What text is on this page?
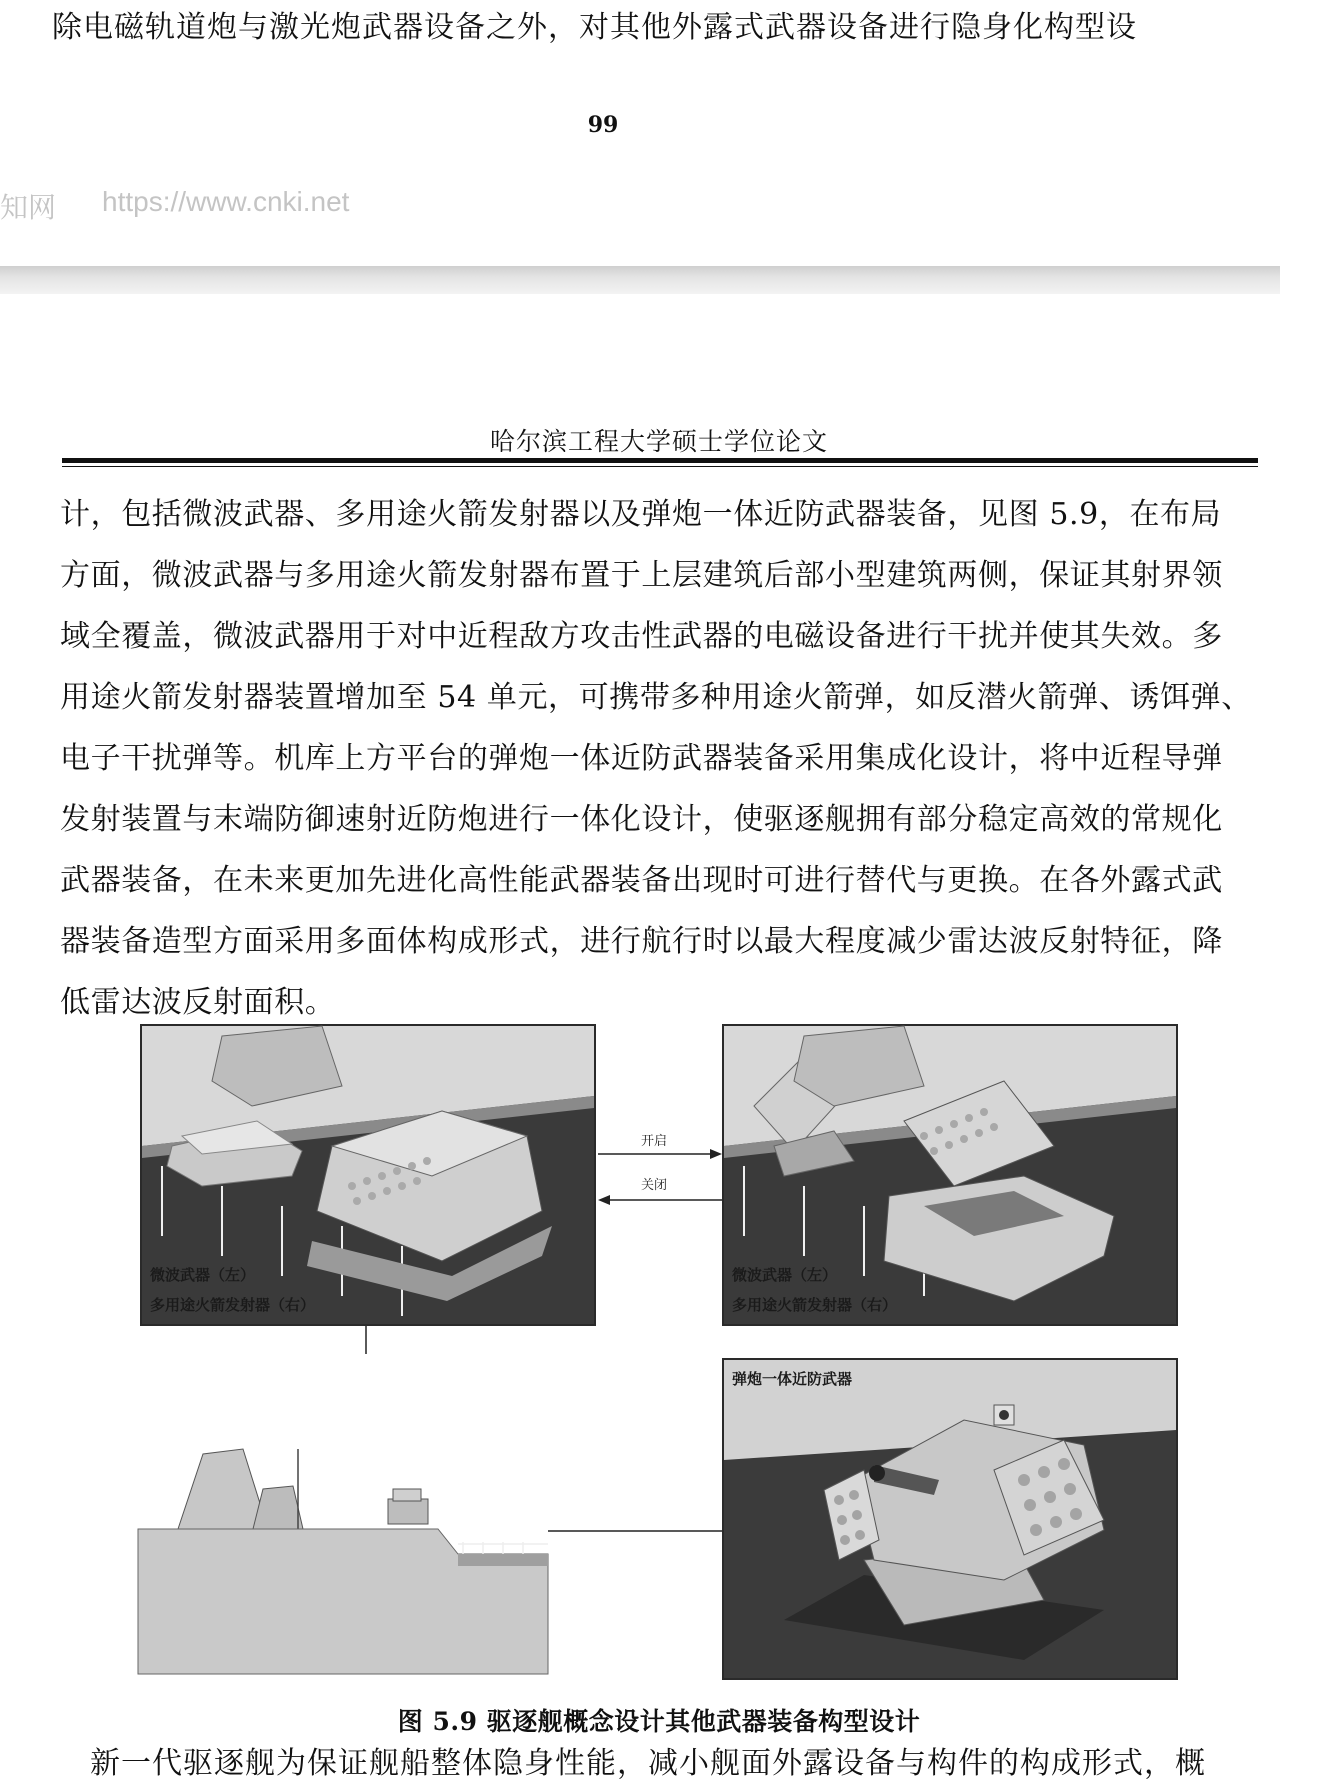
除电磁轨道炮与激光炮武器设备之外，对其他外露式武器设备进行隐身化构型设
99
知网 https://www.cnki.net
哈尔滨工程大学硕士学位论文
计，包括微波武器、多用途火箭发射器以及弹炮一体近防武器装备，见图 5.9，在布局
方面，微波武器与多用途火箭发射器布置于上层建筑后部小型建筑两侧，保证其射界领
域全覆盖，微波武器用于对中近程敌方攻击性武器的电磁设备进行干扰并使其失效。多
用途火箭发射器装置增加至 54 单元，可携带多种用途火箭弹，如反潜火箭弹、诱饵弹、
电子干扰弹等。机库上方平台的弹炮一体近防武器装备采用集成化设计，将中近程导弹
发射装置与末端防御速射近防炮进行一体化设计，使驱逐舰拥有部分稳定高效的常规化
武器装备，在未来更加先进化高性能武器装备出现时可进行替代与更换。在各外露式武
器装备造型方面采用多面体构成形式，进行航行时以最大程度减少雷达波反射特征，降
低雷达波反射面积。
开启
关闭
微波武器（左）
多用途火箭发射器（右）
微波武器（左）
多用途火箭发射器（右）
弹炮一体近防武器
图 5.9 驱逐舰概念设计其他武器装备构型设计
新一代驱逐舰为保证舰船整体隐身性能，减小舰面外露设备与构件的构成形式，概
